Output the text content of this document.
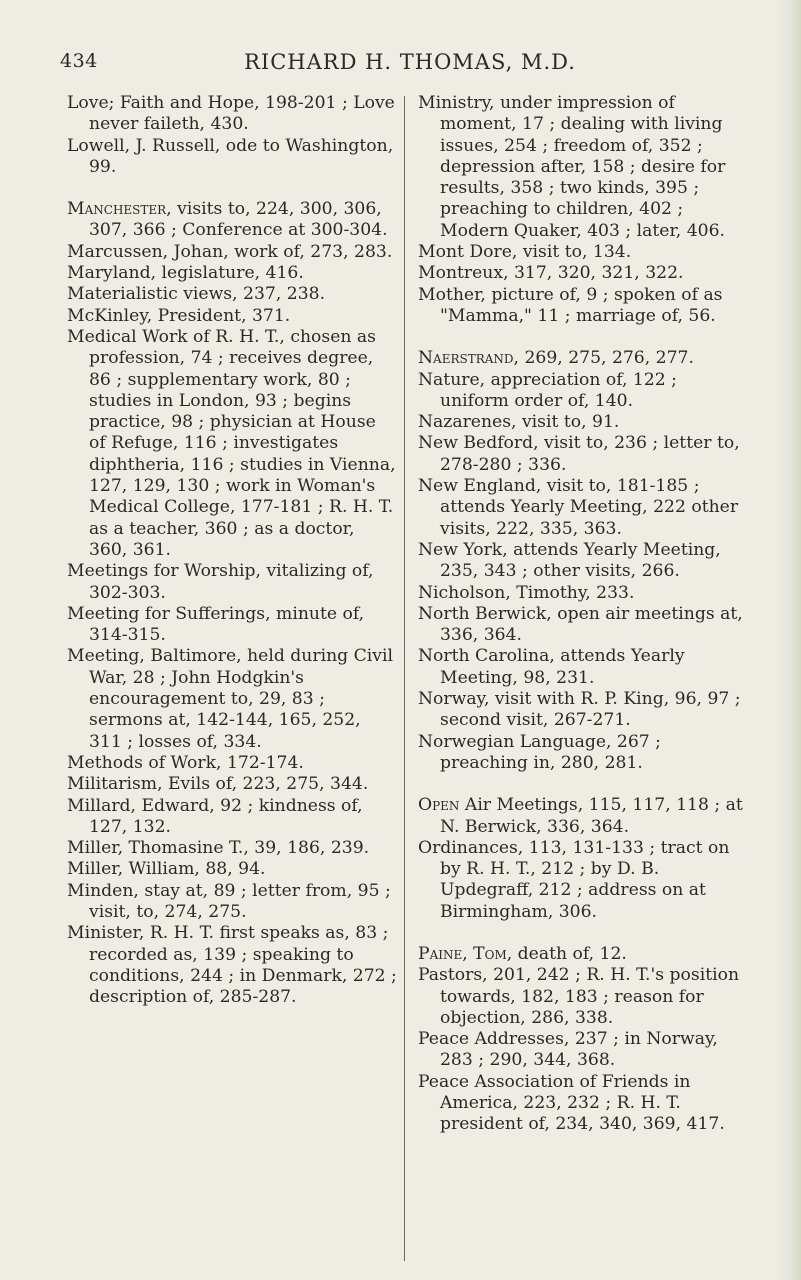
434	RICHARD H. THOMAS, M.D.

Love; Faith and Hope, 198-201 ; Love never faileth, 430.

Lowell, J. Russell, ode to Washington, 99.

Manchester, visits to, 224, 300, 306, 307, 366 ; Conference at 300-304.

Marcussen, Johan, work of, 273, 283.

Maryland, legislature, 416.

Materialistic views, 237, 238.

McKinley, President, 371.

Medical Work of R. H. T., chosen as profession, 74 ; receives degree, 86 ; supplementary work, 80 ; studies in London, 93 ; begins practice, 98 ; physician at House of Refuge, 116 ; investigates diphtheria, 116 ; studies in Vienna, 127, 129, 130 ; work in Woman's Medical College, 177-181 ; R. H. T. as a teacher, 360 ; as a doctor, 360, 361.

Meetings for Worship, vitalizing of, 302-303.

Meeting for Sufferings, minute of, 314-315.

Meeting, Baltimore, held during Civil War, 28 ; John Hodgkin's encouragement to, 29, 83 ; sermons at, 142-144, 165, 252, 311 ; losses of, 334.

Methods of Work, 172-174.

Militarism, Evils of, 223, 275, 344.

Millard, Edward, 92 ; kindness of, 127, 132.

Miller, Thomasine T., 39, 186, 239.

Miller, William, 88, 94.

Minden, stay at, 89 ; letter from, 95 ; visit, to, 274, 275.

Minister, R. H. T. first speaks as, 83 ; recorded as, 139 ; speaking to conditions, 244 ; in Denmark, 272 ; description of, 285-287.

Ministry, under impression of moment, 17 ; dealing with living issues, 254 ; freedom of, 352 ; depression after, 158 ; desire for results, 358 ; two kinds, 395 ; preaching to children, 402 ; Modern Quaker, 403 ; later, 406.

Mont Dore, visit to, 134.

Montreux, 317, 320, 321, 322.

Mother, picture of, 9 ; spoken of as "Mamma," 11 ; marriage of, 56.

Naerstrand, 269, 275, 276, 277.

Nature, appreciation of, 122 ; uniform order of, 140.

Nazarenes, visit to, 91.

New Bedford, visit to, 236 ; letter to, 278-280 ; 336.

New England, visit to, 181-185 ; attends Yearly Meeting, 222 other visits, 222, 335, 363.

New York, attends Yearly Meeting, 235, 343 ; other visits, 266.

Nicholson, Timothy, 233.

North Berwick, open air meetings at, 336, 364.

North Carolina, attends Yearly Meeting, 98, 231.

Norway, visit with R. P. King, 96, 97 ; second visit, 267-271.

Norwegian Language, 267 ; preaching in, 280, 281.

Open Air Meetings, 115, 117, 118 ; at N. Berwick, 336, 364.

Ordinances, 113, 131-133 ; tract on by R. H. T., 212 ; by D. B. Updegraff, 212 ; address on at Birmingham, 306.

Paine, Tom, death of, 12.

Pastors, 201, 242 ; R. H. T.'s position towards, 182, 183 ; reason for objection, 286, 338.

Peace Addresses, 237 ; in Norway, 283 ; 290, 344, 368.

Peace Association of Friends in America, 223, 232 ; R. H. T. president of, 234, 340, 369, 417.
